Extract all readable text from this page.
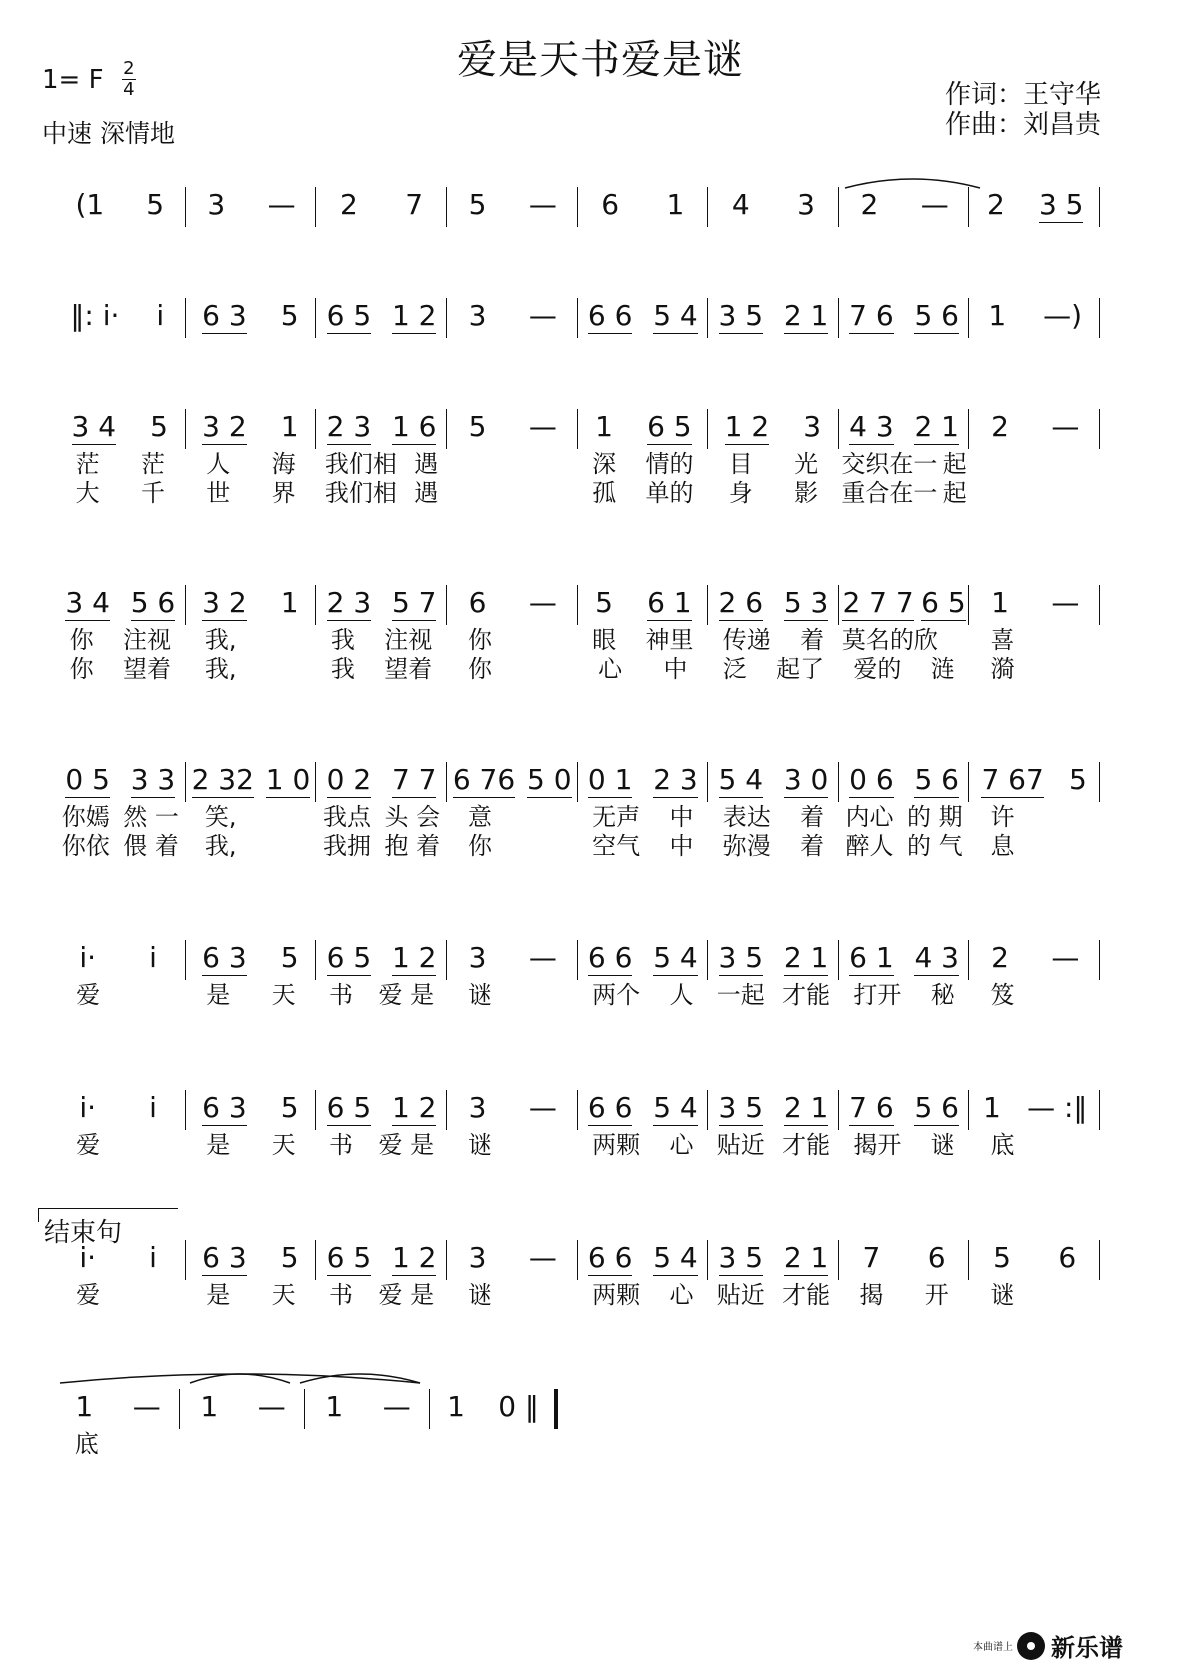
爱是天书爱是谜
1= F $\frac{2}{4}$
中速 深情地
作词：王守华
作曲：刘昌贵
结束句
(1 5 3 — 2 7 5 — 6 1 4 3 2 — 2 3 5
‖: i· i 6 3 5 6 5 1 2 3 — 6 6 5 4 3 5 2 1 7 6 5 6 1 —)
3 4 5 3 2 1 2 3 1 6 5 — 1 6 5 1 2 3 4 3 2 1 2 —
茫 茫 人 海 我们相 遇	深 情的 目 光 交织在一 起
大 千 世 界 我们相 遇	孤 单的 身 影 重合在一 起
3 4 5 6 3 2 1 2 3 5 7 6 — 5 6 1 2 6 5 3 2 7 7 6 5 1 —
你 注视 我,	我 注视 你	眼 神里 传递 着 莫名的欣 喜
你 望着 我,	我 望着 你	心 中 泛 起了 爱的 涟 漪
0 5 3 3 2 32 1 0 0 2 7 7 6 76 5 0 0 1 2 3 5 4 3 0 0 6 5 6 7 67 5
你嫣 然 一 笑,	我点 头 会 意	无声 中 表达 着 内心 的 期 许
你依 偎 着 我,	我拥 抱 着 你	空气 中 弥漫 着 醉人 的 气 息
i· i 6 3 5 6 5 1 2 3 — 6 6 5 4 3 5 2 1 6 1 4 3 2 —
爱	是 天 书 爱 是 谜	两个 人 一起 才能 打开 秘 笈
i· i 6 3 5 6 5 1 2 3 — 6 6 5 4 3 5 2 1 7 6 5 6 1 — :‖
爱	是 天 书 爱 是 谜	两颗 心 贴近 才能 揭开 谜 底
i· i 6 3 5 6 5 1 2 3 — 6 6 5 4 3 5 2 1 7 6 5 6
爱	是 天 书 爱 是 谜	两颗 心 贴近 才能 揭 开 谜
1 — 1 — 1 — 1 0 ‖
底
本曲谱上 新乐谱
